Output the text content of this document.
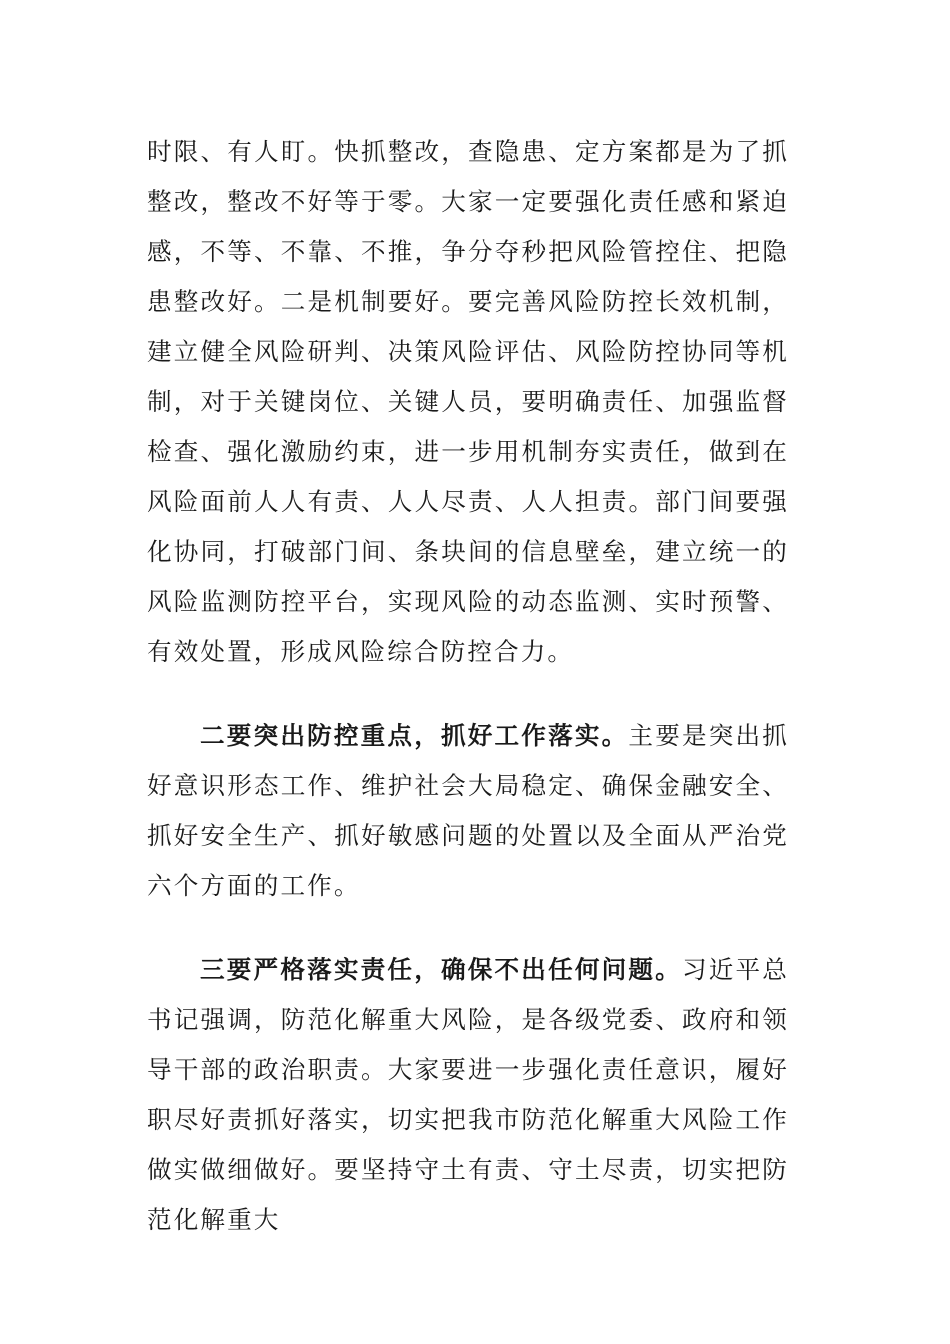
时限、有人盯。快抓整改，查隐患、定方案都是为了抓整改，整改不好等于零。大家一定要强化责任感和紧迫感，不等、不靠、不推，争分夺秒把风险管控住、把隐患整改好。二是机制要好。要完善风险防控长效机制，建立健全风险研判、决策风险评估、风险防控协同等机制，对于关键岗位、关键人员，要明确责任、加强监督检查、强化激励约束，进一步用机制夯实责任，做到在风险面前人人有责、人人尽责、人人担责。部门间要强化协同，打破部门间、条块间的信息壁垒，建立统一的风险监测防控平台，实现风险的动态监测、实时预警、有效处置，形成风险综合防控合力。

二要突出防控重点，抓好工作落实。主要是突出抓好意识形态工作、维护社会大局稳定、确保金融安全、抓好安全生产、抓好敏感问题的处置以及全面从严治党六个方面的工作。

三要严格落实责任，确保不出任何问题。习近平总书记强调，防范化解重大风险，是各级党委、政府和领导干部的政治职责。大家要进一步强化责任意识，履好职尽好责抓好落实，切实把我市防范化解重大风险工作做实做细做好。要坚持守土有责、守土尽责，切实把防范化解重大
